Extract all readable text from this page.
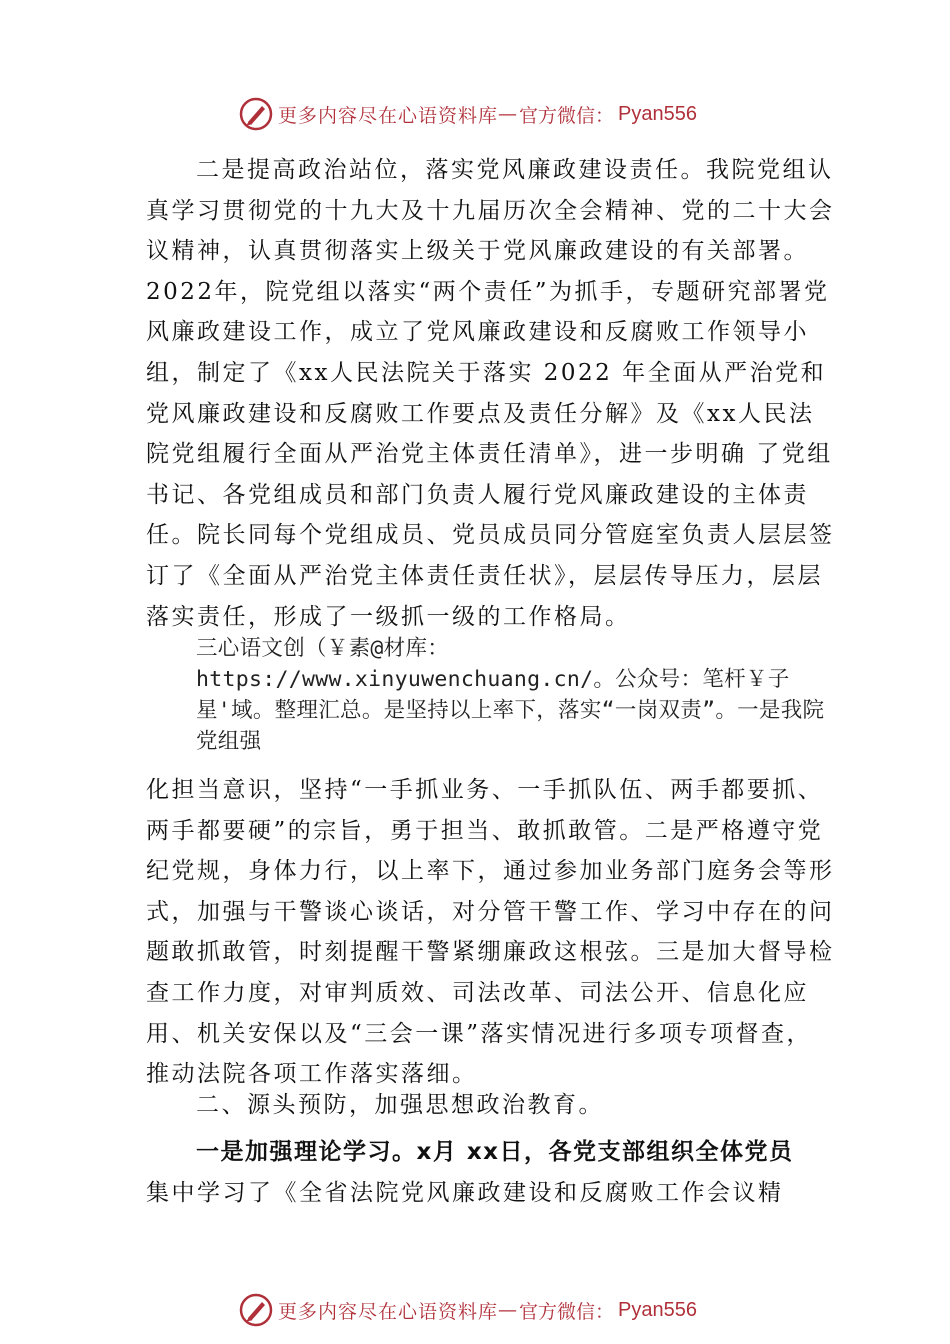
更多内容尽在心语资料库 — 官方微信： Pyan556

二是提高政治站位，落实党风廉政建设责任。我院党组认真学习贯彻党的十九大及十九届历次全会精神、党的二十大会议精神，认真贯彻落实上级关于党风廉政建设的有关部署。2022年，院党组以落实“两个责任”为抓手，专题研究部署党风廉政建设工作，成立了党风廉政建设和反腐败工作领导小组，制定了《xx人民法院关于落实 2022 年全面从严治党和党风廉政建设和反腐败工作要点及责任分解》及《xx人民法院党组履行全面从严治党主体责任清单》，进一步明确 了党组书记、各党组成员和部门负责人履行党风廉政建设的主体责任。院长同每个党组成员、党员成员同分管庭室负责人层层签订了《全面从严治党主体责任责任状》，层层传导压力，层层落实责任，形成了一级抓一级的工作格局。

三心语文创（￥素@材库：https://www.xinyuwenchuang.cn/。公众号：笔杆￥子星'域。整理汇总。是坚持以上率下，落实“一岗双责”。一是我院党组强

化担当意识，坚持“一手抓业务、一手抓队伍、两手都要抓、两手都要硬”的宗旨，勇于担当、敢抓敢管。二是严格遵守党纪党规，身体力行，以上率下，通过参加业务部门庭务会等形式，加强与干警谈心谈话，对分管干警工作、学习中存在的问题敢抓敢管，时刻提醒干警紧绷廉政这根弦。三是加大督导检查工作力度，对审判质效、司法改革、司法公开、信息化应用、机关安保以及“三会一课”落实情况进行多项专项督查，推动法院各项工作落实落细。

二、源头预防，加强思想政治教育。

一是加强理论学习。x月 xx日，各党支部组织全体党员

集中学习了《全省法院党风廉政建设和反腐败工作会议精

更多内容尽在心语资料库 — 官方微信： Pyan556
